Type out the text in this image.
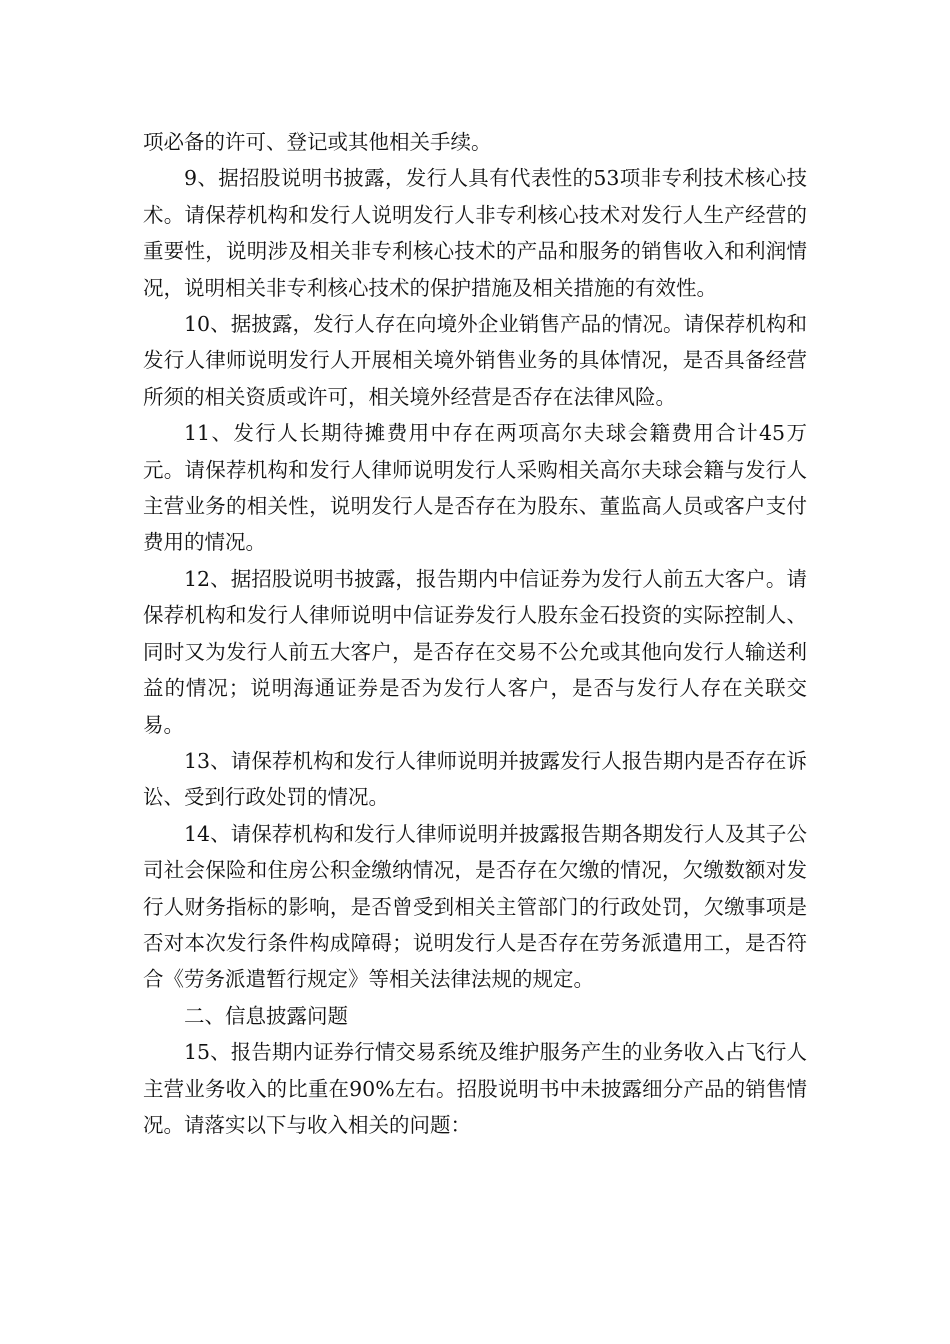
项必备的许可、登记或其他相关手续。

9、据招股说明书披露，发行人具有代表性的53项非专利技术核心技术。请保荐机构和发行人说明发行人非专利核心技术对发行人生产经营的重要性，说明涉及相关非专利核心技术的产品和服务的销售收入和利润情况，说明相关非专利核心技术的保护措施及相关措施的有效性。

10、据披露，发行人存在向境外企业销售产品的情况。请保荐机构和发行人律师说明发行人开展相关境外销售业务的具体情况，是否具备经营所须的相关资质或许可，相关境外经营是否存在法律风险。

11、发行人长期待摊费用中存在两项高尔夫球会籍费用合计45万元。请保荐机构和发行人律师说明发行人采购相关高尔夫球会籍与发行人主营业务的相关性，说明发行人是否存在为股东、董监高人员或客户支付费用的情况。

12、据招股说明书披露，报告期内中信证券为发行人前五大客户。请保荐机构和发行人律师说明中信证券发行人股东金石投资的实际控制人、同时又为发行人前五大客户，是否存在交易不公允或其他向发行人输送利益的情况；说明海通证券是否为发行人客户，是否与发行人存在关联交易。

13、请保荐机构和发行人律师说明并披露发行人报告期内是否存在诉讼、受到行政处罚的情况。

14、请保荐机构和发行人律师说明并披露报告期各期发行人及其子公司社会保险和住房公积金缴纳情况，是否存在欠缴的情况，欠缴数额对发行人财务指标的影响，是否曾受到相关主管部门的行政处罚，欠缴事项是否对本次发行条件构成障碍；说明发行人是否存在劳务派遣用工，是否符合《劳务派遣暂行规定》等相关法律法规的规定。

二、信息披露问题

15、报告期内证券行情交易系统及维护服务产生的业务收入占飞行人主营业务收入的比重在90%左右。招股说明书中未披露细分产品的销售情况。请落实以下与收入相关的问题：
